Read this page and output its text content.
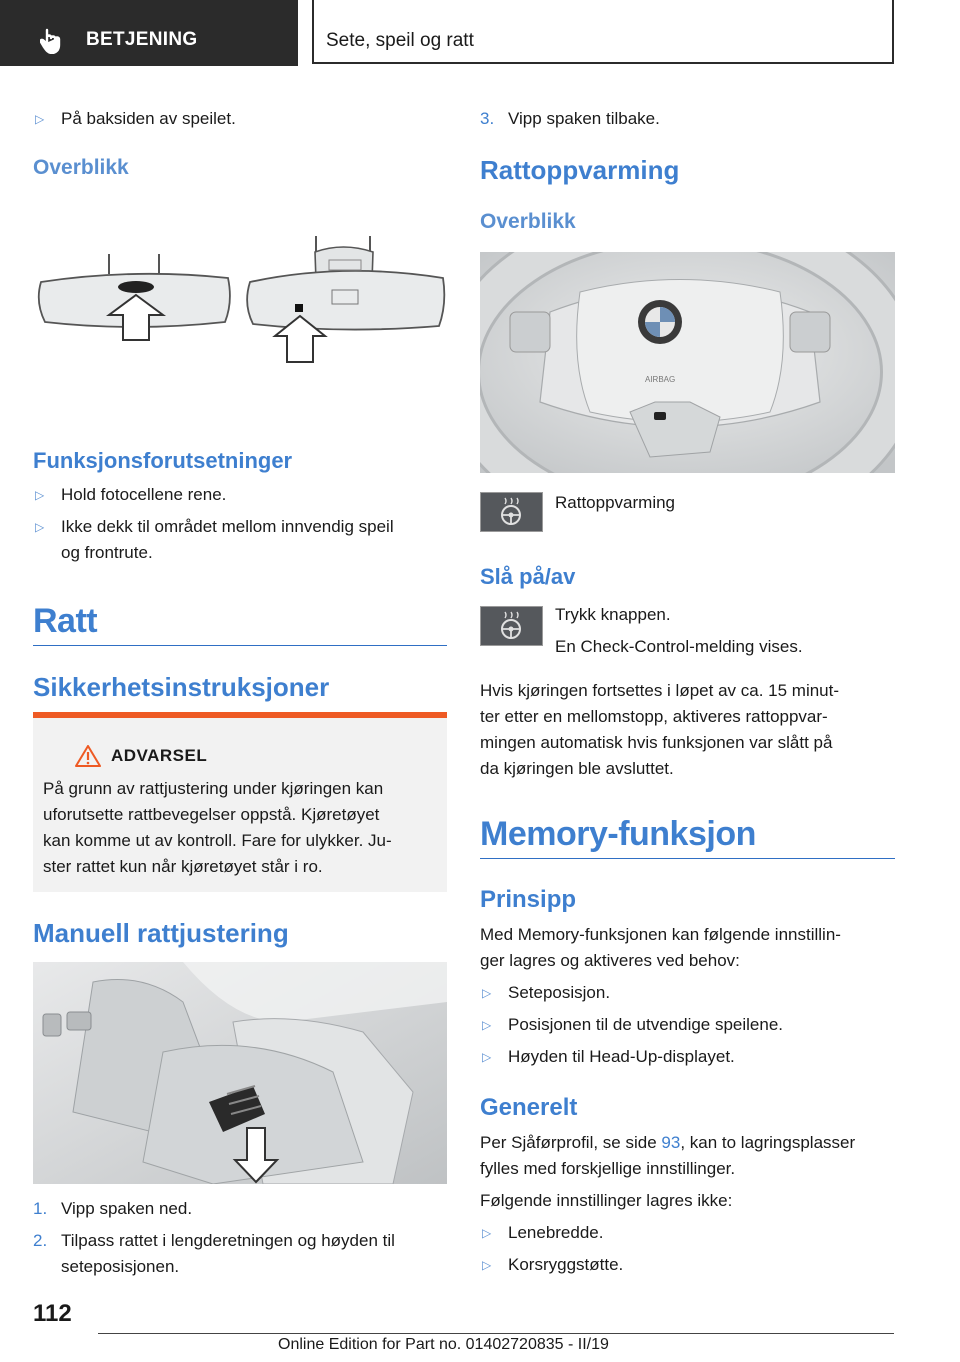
BETJENING	Sete, speil og ratt
▷ På baksiden av speilet.
Overblikk
Funksjonsforutsetninger
▷ Hold fotocellene rene.
▷ Ikke dekk til området mellom innvendig speil
og frontrute.
Ratt
Sikkerhetsinstruksjoner
ADVARSEL
På grunn av rattjustering under kjøringen kan
uforutsette rattbevegelser oppstå. Kjøretøyet
kan komme ut av kontroll. Fare for ulykker. Ju-
ster rattet kun når kjøretøyet står i ro.
Manuell rattjustering
1. Vipp spaken ned.
2. Tilpass rattet i lengderetningen og høyden til
seteposisjonen.
3. Vipp spaken tilbake.
Rattoppvarming
Overblikk
AIRBAG
Rattoppvarming
Slå på/av
Trykk knappen.
En Check-Control-melding vises.
Hvis kjøringen fortsettes i løpet av ca. 15 minut-
ter etter en mellomstopp, aktiveres rattoppvar-
mingen automatisk hvis funksjonen var slått på
da kjøringen ble avsluttet.
Memory-funksjon
Prinsipp
Med Memory-funksjonen kan følgende innstillin-
ger lagres og aktiveres ved behov:
▷ Seteposisjon.
▷ Posisjonen til de utvendige speilene.
▷ Høyden til Head-Up-displayet.
Generelt
Per Sjåførprofil, se side 93, kan to lagringsplasser
fylles med forskjellige innstillinger.
Følgende innstillinger lagres ikke:
▷ Lenebredde.
▷ Korsryggstøtte.
112
Online Edition for Part no. 01402720835 - II/19
